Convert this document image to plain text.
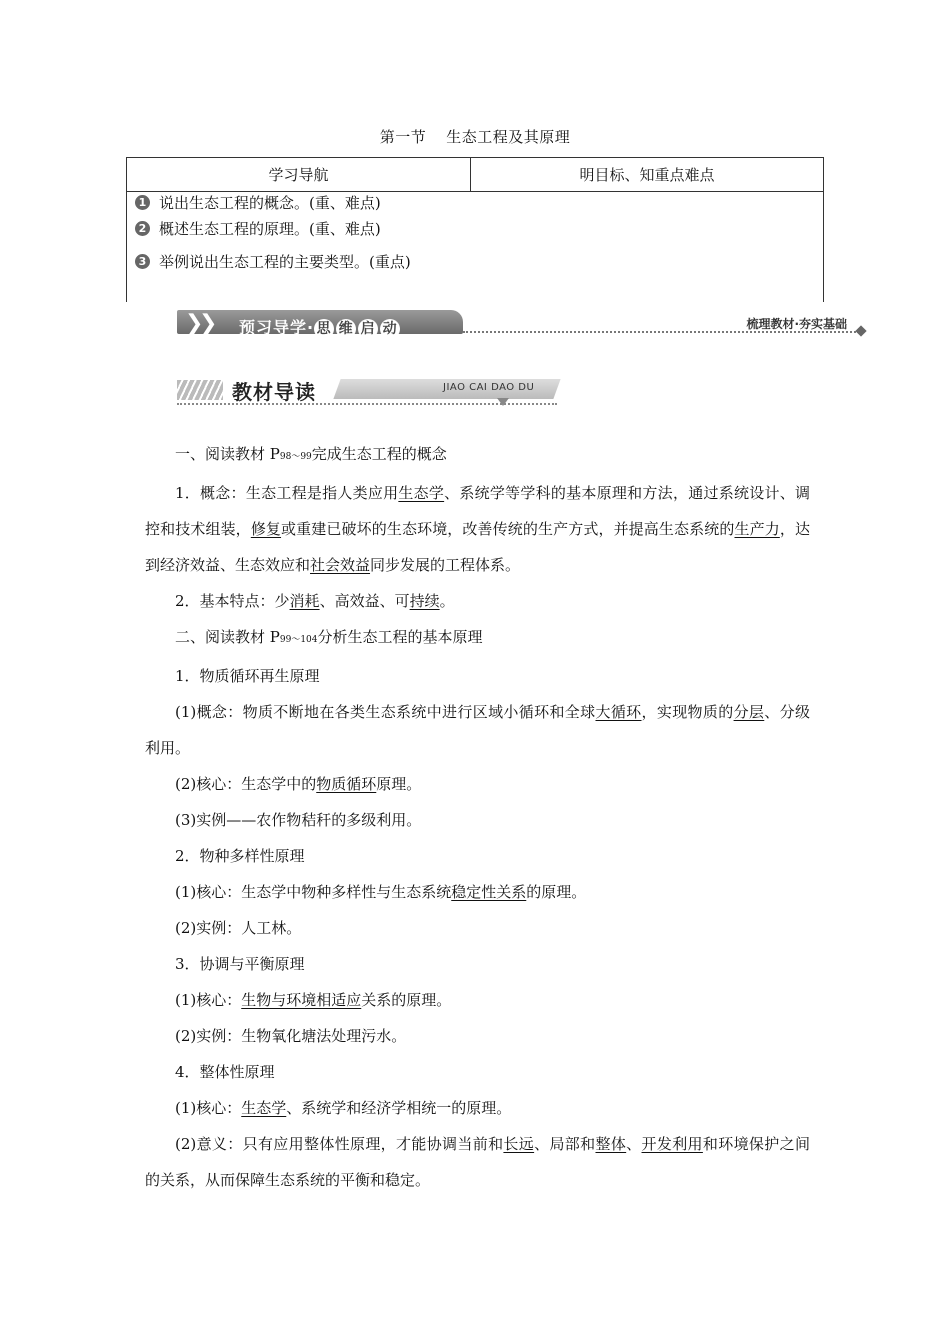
第一节 生态工程及其原理
学习导航	明目标、知重点难点

1 说出生态工程的概念。(重、难点)
2 概述生态工程的原理。(重、难点)
3 举例说出生态工程的主要类型。(重点)
❯
❯ 预习导学· 思 维 启 动	梳理教材·夯实基础
教材导读	JIAO CAI DAO DU

一、阅读教材 P98～99完成生态工程的概念

1．概念：生态工程是指人类应用生态学、系统学等学科的基本原理和方法，通过系统设计、调控和技术组装，修复或重建已破坏的生态环境，改善传统的生产方式，并提高生态系统的生产力，达到经济效益、生态效应和社会效益同步发展的工程体系。

2．基本特点：少消耗、高效益、可持续。

二、阅读教材 P99～104分析生态工程的基本原理

1．物质循环再生原理

(1)概念：物质不断地在各类生态系统中进行区域小循环和全球大循环，实现物质的分层、分级利用。

(2)核心：生态学中的物质循环原理。

(3)实例——农作物秸秆的多级利用。

2．物种多样性原理

(1)核心：生态学中物种多样性与生态系统稳定性关系的原理。

(2)实例：人工林。

3．协调与平衡原理

(1)核心：生物与环境相适应关系的原理。

(2)实例：生物氧化塘法处理污水。

4．整体性原理

(1)核心：生态学、系统学和经济学相统一的原理。

(2)意义：只有应用整体性原理，才能协调当前和长远、局部和整体、开发利用和环境保护之间的关系，从而保障生态系统的平衡和稳定。
